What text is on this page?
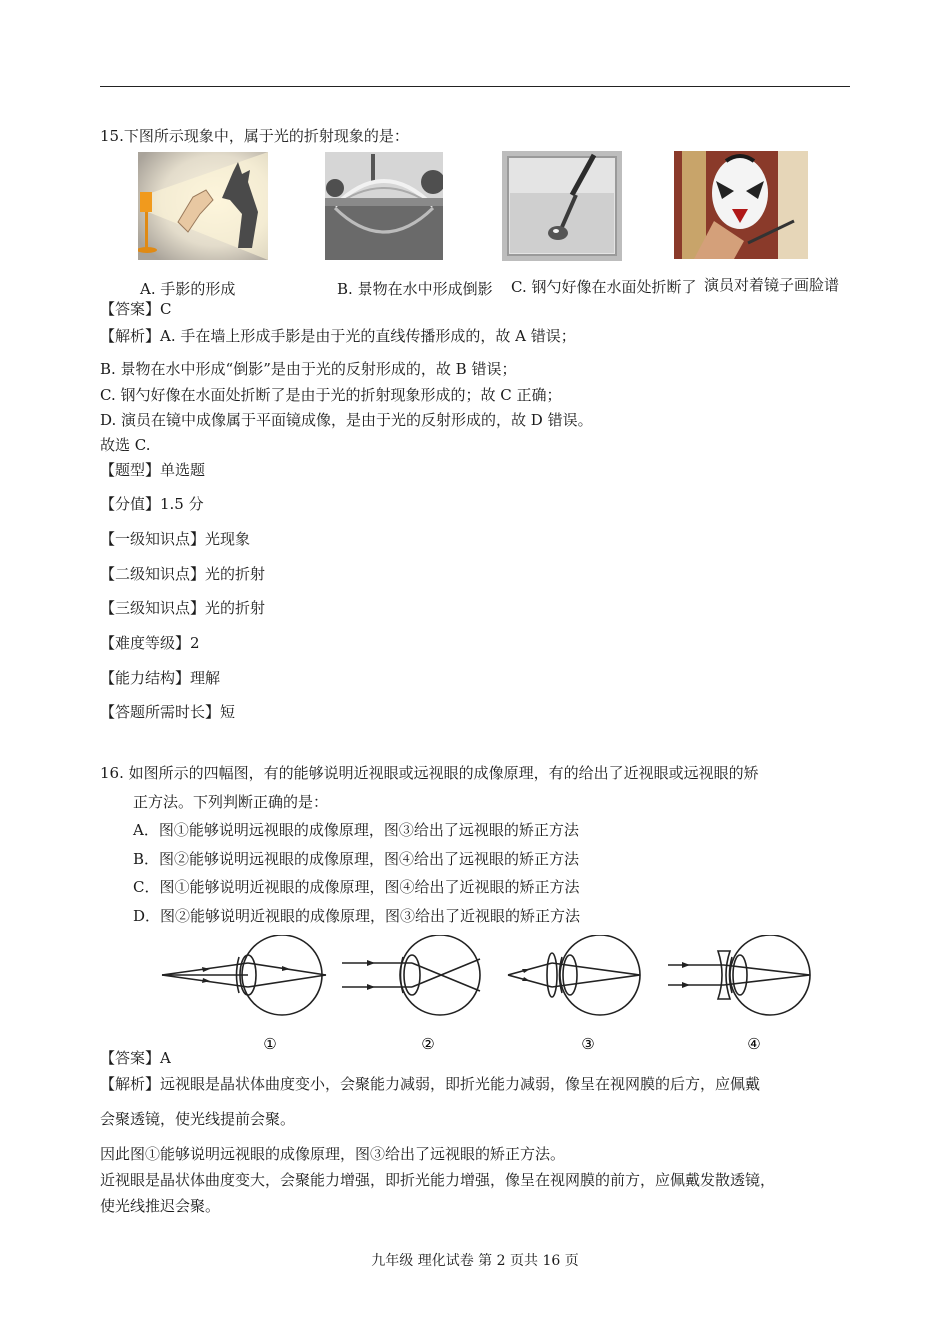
15.下图所示现象中，属于光的折射现象的是：
A. 手影的形成	B. 景物在水中形成倒影 C. 钢勺好像在水面处折断了 演员对着镜子画脸谱
【答案】C
【解析】A. 手在墙上形成手影是由于光的直线传播形成的，故 A 错误；
B. 景物在水中形成“倒影”是由于光的反射形成的，故 B 错误；
C. 钢勺好像在水面处折断了是由于光的折射现象形成的；故 C 正确；
D. 演员在镜中成像属于平面镜成像，是由于光的反射形成的，故 D 错误。
故选 C.
【题型】单选题
【分值】1.5 分
【一级知识点】光现象
【二级知识点】光的折射
【三级知识点】光的折射
【难度等级】2
【能力结构】理解
【答题所需时长】短
16. 如图所示的四幅图，有的能够说明近视眼或远视眼的成像原理，有的给出了近视眼或远视眼的矫
正方法。下列判断正确的是：
A．图①能够说明远视眼的成像原理，图③给出了远视眼的矫正方法
B．图②能够说明远视眼的成像原理，图④给出了远视眼的矫正方法
C．图①能够说明近视眼的成像原理，图④给出了近视眼的矫正方法
D．图②能够说明近视眼的成像原理，图③给出了近视眼的矫正方法
①	②	③	④
【答案】A
【解析】远视眼是晶状体曲度变小，会聚能力减弱，即折光能力减弱，像呈在视网膜的后方，应佩戴
会聚透镜，使光线提前会聚。
因此图①能够说明远视眼的成像原理，图③给出了远视眼的矫正方法。
近视眼是晶状体曲度变大，会聚能力增强，即折光能力增强，像呈在视网膜的前方，应佩戴发散透镜，
使光线推迟会聚。
九年级 理化试卷 第 2 页共 16 页
